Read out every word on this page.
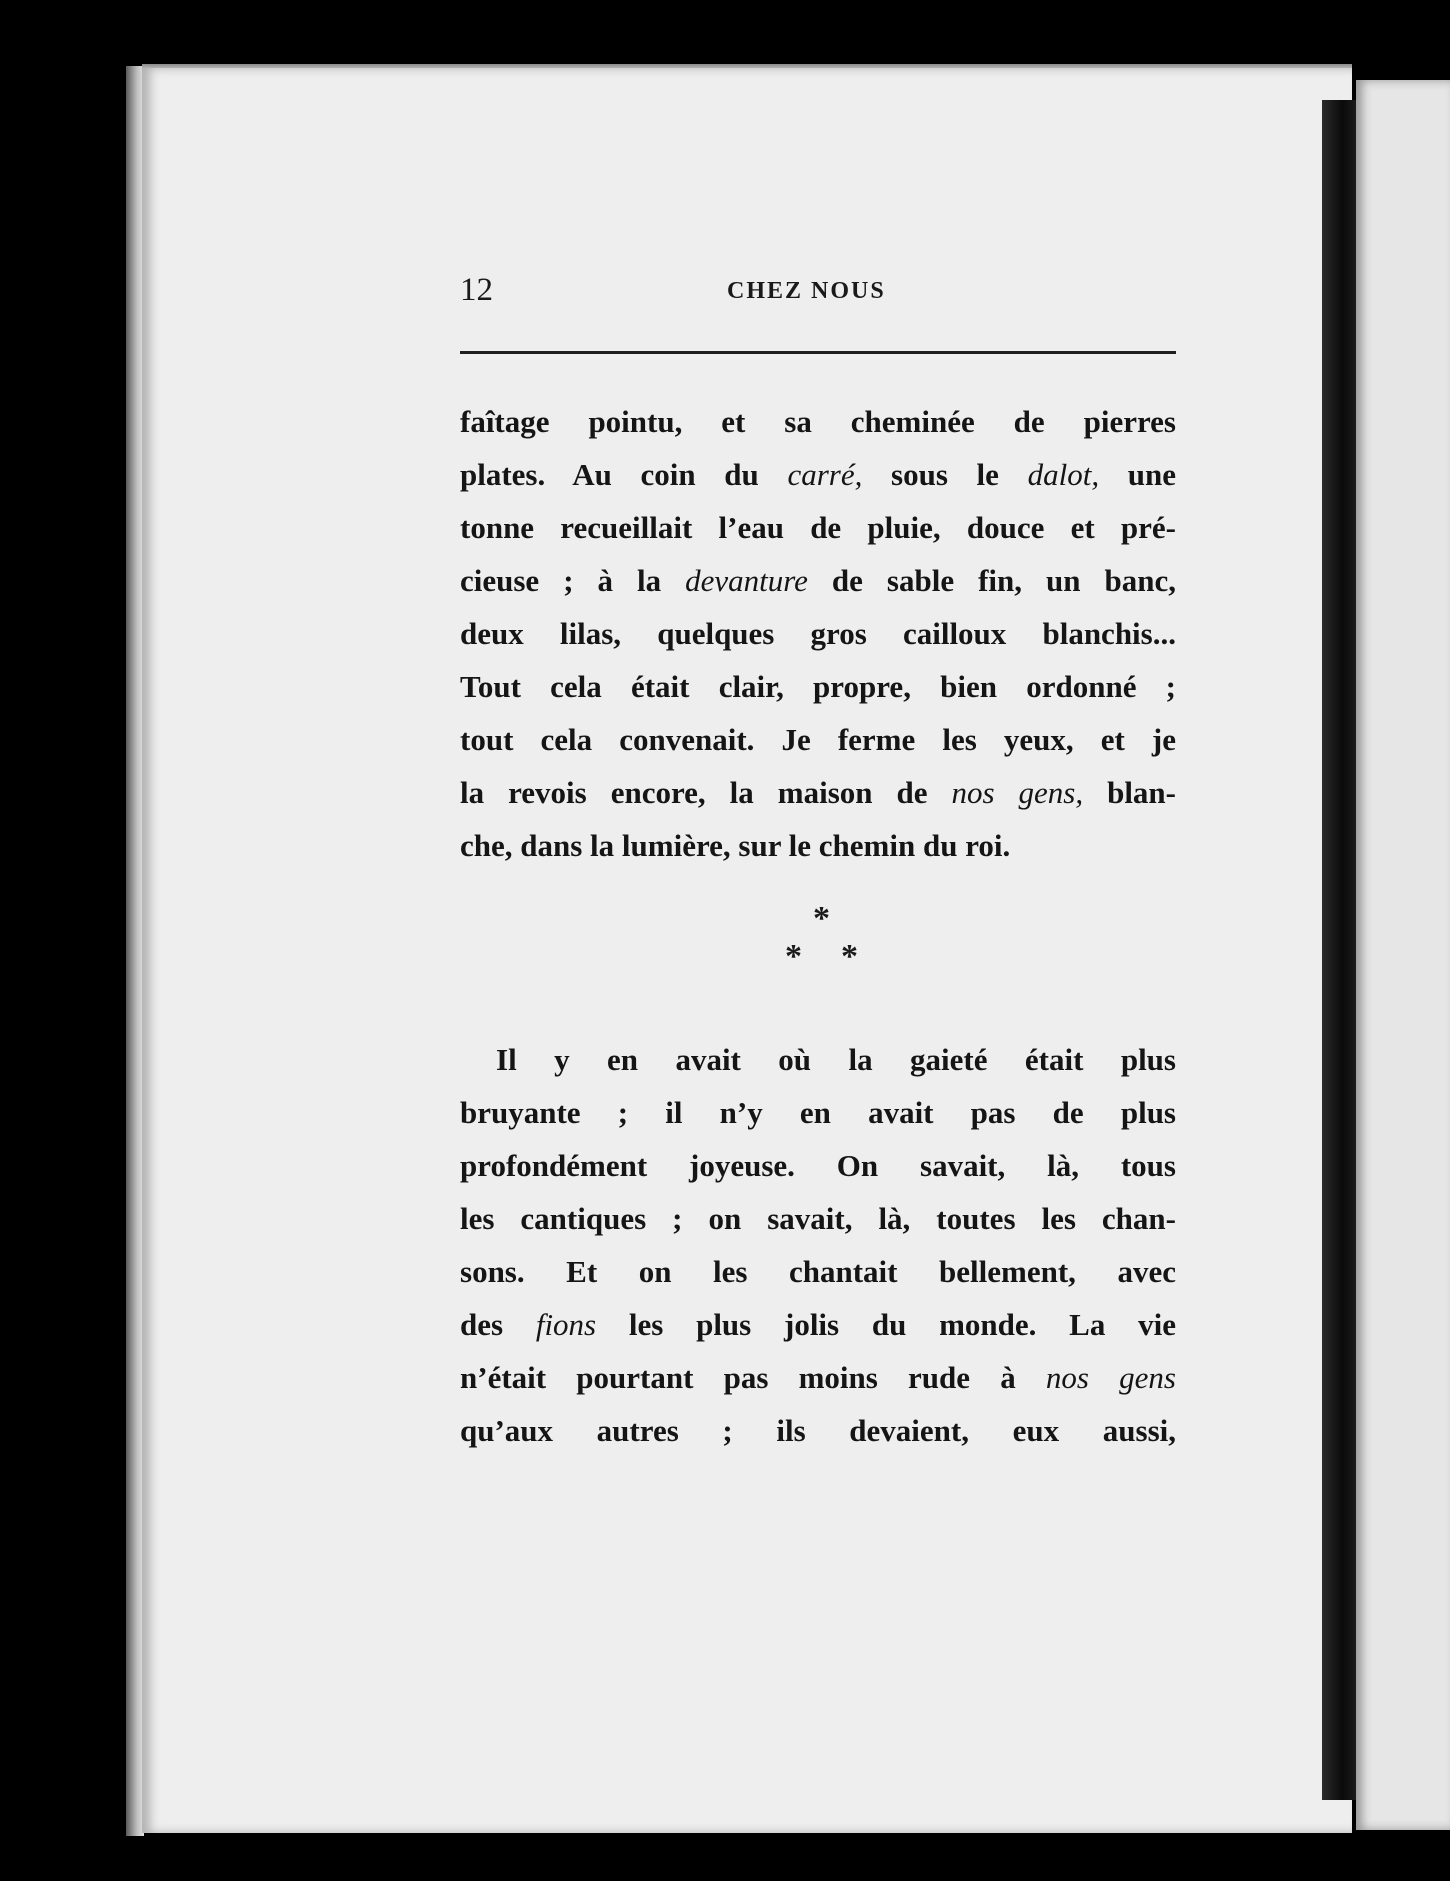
12	CHEZ NOUS
faîtage pointu, et sa cheminée de pierres
plates. Au coin du carré, sous le dalot, une
tonne recueillait l’eau de pluie, douce et pré-
cieuse ; à la devanture de sable fin, un banc,
deux lilas, quelques gros cailloux blanchis...
Tout cela était clair, propre, bien ordonné ;
tout cela convenait. Je ferme les yeux, et je
la revois encore, la maison de nos gens, blan-
che, dans la lumière, sur le chemin du roi.
*
* *
Il y en avait où la gaieté était plus
bruyante ; il n’y en avait pas de plus
profondément joyeuse. On savait, là, tous
les cantiques ; on savait, là, toutes les chan-
sons. Et on les chantait bellement, avec
des fions les plus jolis du monde. La vie
n’était pourtant pas moins rude à nos gens
qu’aux autres ; ils devaient, eux aussi,
